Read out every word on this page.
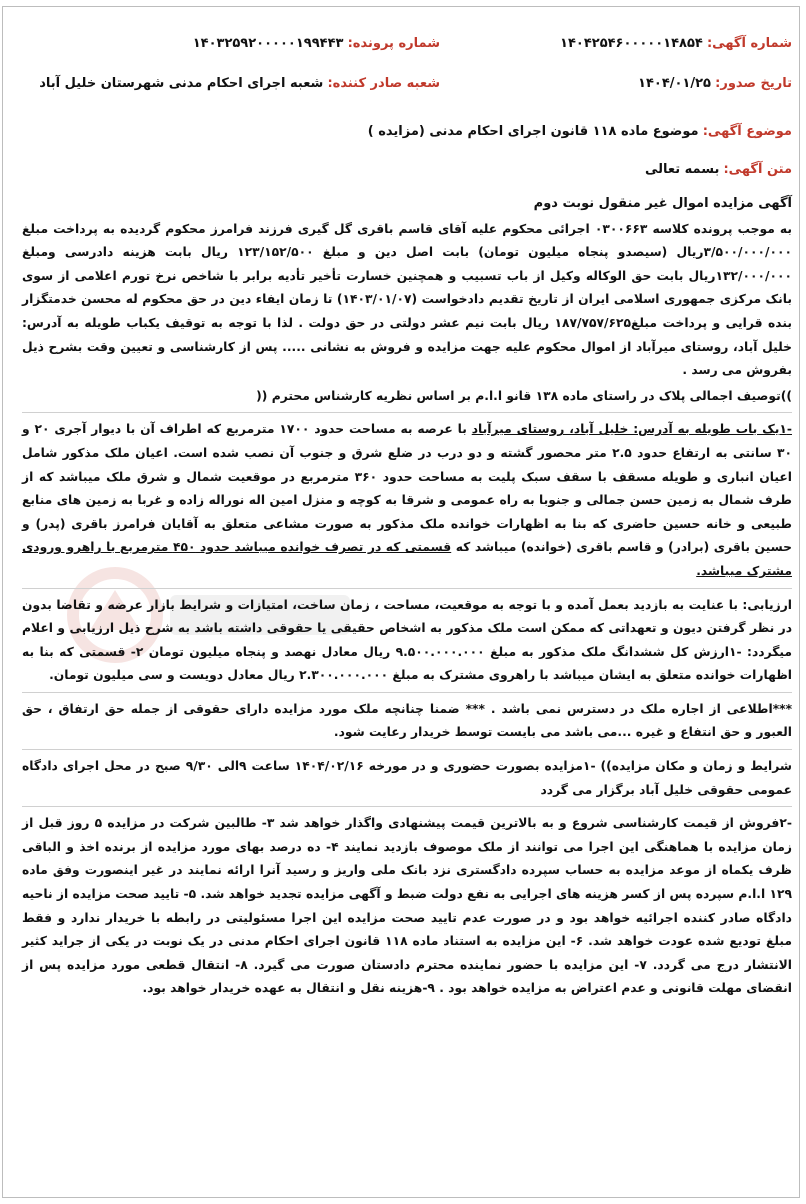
شماره آگهی: ۱۴۰۴۲۵۴۶۰۰۰۰۰۱۴۸۵۴
شماره پرونده: ۱۴۰۳۲۵۹۲۰۰۰۰۰۱۹۹۴۴۳
تاریخ صدور: ۱۴۰۴/۰۱/۲۵
شعبه صادر کننده: شعبه اجرای احکام مدنی شهرستان خلیل آباد
موضوع آگهی: موضوع ماده ۱۱۸ قانون اجرای احکام مدنی (مزایده )
متن آگهی: بسمه تعالی

آگهی مزایده اموال غیر منقول نوبت دوم

به موجب پرونده کلاسه ۰۳۰۰۶۶۳ اجرائی محکوم علیه آقای قاسم باقری گل گیری فرزند فرامرز محکوم گردیده به پرداخت مبلغ ۳/۵۰۰/۰۰۰/۰۰۰ریال (سیصدو پنجاه میلیون تومان) بابت اصل دین و مبلغ ۱۲۳/۱۵۲/۵۰۰ ریال بابت هزینه دادرسی ومبلغ ۱۳۲/۰۰۰/۰۰۰ریال بابت حق الوکاله وکیل از باب تسبیب و همچنین خسارت تأخیر تأدیه برابر با شاخص نرخ تورم اعلامی از سوی بانک مرکزی جمهوری اسلامی ایران از تاریخ تقدیم دادخواست (۱۴۰۳/۰۱/۰۷) تا زمان ایفاء دین در حق محکوم له محسن خدمتگزار بنده قرایی و پرداخت مبلغ۱۸۷/۷۵۷/۶۲۵ ریال بابت نیم عشر دولتی در حق دولت . لذا با توجه به توقیف یکباب طویله به آدرس: خلیل آباد، روستای میرآباد از اموال محکوم علیه جهت مزایده و فروش به نشانی ..... پس از کارشناسی و تعیین وقت بشرح ذیل بفروش می رسد .

))توصیف اجمالی پلاک در راستای ماده ۱۳۸ قانو ا.ا.م بر اساس نظریه کارشناس محترم ((

-۱یک باب طویله به آدرس: خلیل آباد، روستای میرآباد با عرصه به مساحت حدود ۱۷۰۰ مترمربع که اطراف آن با دیوار آجری ۲۰ و ۳۰ سانتی به ارتفاع حدود ۲.۵ متر محصور گشته و دو درب در ضلع شرق و جنوب آن نصب شده است. اعیان ملک مذکور شامل اعیان انباری و طویله مسقف با سقف سبک پلیت به مساحت حدود ۳۶۰ مترمربع در موقعیت شمال و شرق ملک میباشد که از طرف شمال به زمین حسن جمالی و جنوبا به راه عمومی و شرقا به کوچه و منزل امین اله نوراله زاده و غربا به زمین های منابع طبیعی و خانه حسین حاضری که بنا به اظهارات خوانده ملک مذکور به صورت مشاعی متعلق به آقایان فرامرز باقری (پدر) و حسین باقری (برادر) و قاسم باقری (خوانده) میباشد که قسمتی که در تصرف خوانده میباشد حدود ۴۵۰ مترمربع با راهرو ورودی مشترک میباشد.

ارزیابی: با عنایت به بازدید بعمل آمده و با توجه به موقعیت، مساحت ، زمان ساخت، امتیازات و شرایط بازار عرضه و تقاضا بدون در نظر گرفتن دیون و تعهداتی که ممکن است ملک مذکور به اشخاص حقیقی یا حقوقی داشته باشد به شرح ذیل ارزیابی و اعلام میگردد: -۱ارزش کل ششدانگ ملک مذکور به مبلغ ۹.۵۰۰.۰۰۰.۰۰۰ ریال معادل نهصد و پنجاه میلیون تومان ۲- قسمتی که بنا به اظهارات خوانده متعلق به ایشان میباشد با راهروی مشترک به مبلغ ۲.۳۰۰.۰۰۰.۰۰۰ ریال معادل دویست و سی میلیون تومان.

***اطلاعی از اجاره ملک در دسترس نمی باشد . *** ضمنا چنانچه ملک مورد مزایده دارای حقوقی از جمله حق ارتفاق ، حق العبور و حق انتفاع و غیره ...می باشد می بایست توسط خریدار رعایت شود.

شرایط و زمان و مکان مزایده)) -۱مزایده بصورت حضوری و در مورخه ۱۴۰۴/۰۲/۱۶ ساعت ۹الی ۹/۳۰ صبح در محل اجرای دادگاه عمومی حقوقی خلیل آباد برگزار می گردد

-۲فروش از قیمت کارشناسی شروع و به بالاترین قیمت پیشنهادی واگذار خواهد شد ۳- طالبین شرکت در مزایده ۵ روز قبل از زمان مزایده با هماهنگی این اجرا می توانند از ملک موصوف بازدید نمایند ۴- ده درصد بهای مورد مزایده از برنده اخذ و الباقی ظرف یکماه از موعد مزایده به حساب سپرده دادگستری نزد بانک ملی واریز و رسید آنرا ارائه نمایند در غیر اینصورت وفق ماده ۱۲۹ ا.ا.م سپرده پس از کسر هزینه های اجرایی به نفع دولت ضبط و آگهی مزایده تجدید خواهد شد. ۵- تایید صحت مزایده از ناحیه دادگاه صادر کننده اجرائیه خواهد بود و در صورت عدم تایید صحت مزایده این اجرا مسئولیتی در رابطه با خریدار ندارد و فقط مبلغ تودیع شده عودت خواهد شد. ۶- این مزایده به استناد ماده ۱۱۸ قانون اجرای احکام مدنی در یک نوبت در یکی از جراید کثیر الانتشار درج می گردد. ۷- این مزایده با حضور نماینده محترم دادستان صورت می گیرد. ۸- انتقال قطعی مورد مزایده پس از انقضای مهلت قانونی و عدم اعتراض به مزایده خواهد بود . ۹-هزینه نقل و انتقال به عهده خریدار خواهد بود.
